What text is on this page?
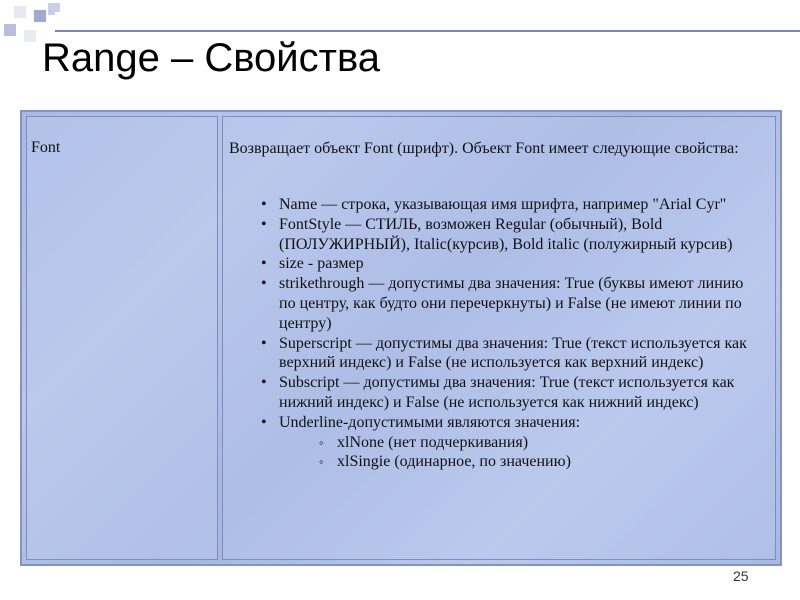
Range – Свойства
Font	Возвращает объект Font (шрифт). Объект Font имеет следующие свойства:

• Name — строка, указывающая имя шрифта, например "Arial Cyr"
• FontStyle — СТИЛЬ, возможен Regular (обычный), Bold (ПОЛУЖИРНЫЙ), Italic(курсив), Bold italic (полужирный курсив)
• size - размер
• strikethrough — допустимы два значения: True (буквы имеют линию по центру, как будто они перечеркнуты) и False (не имеют линии по центру)
• Superscript — допустимы два значения: True (текст используется как верхний индекс) и False (не используется как верхний индекс)
• Subscript — допустимы два значения: True (текст используется как нижний индекс) и False (не используется как нижний индекс)
• Underline-допустимыми являются значения:
◦ xlNone (нет подчеркивания)
◦ xlSingie (одинарное, по значению)
25
